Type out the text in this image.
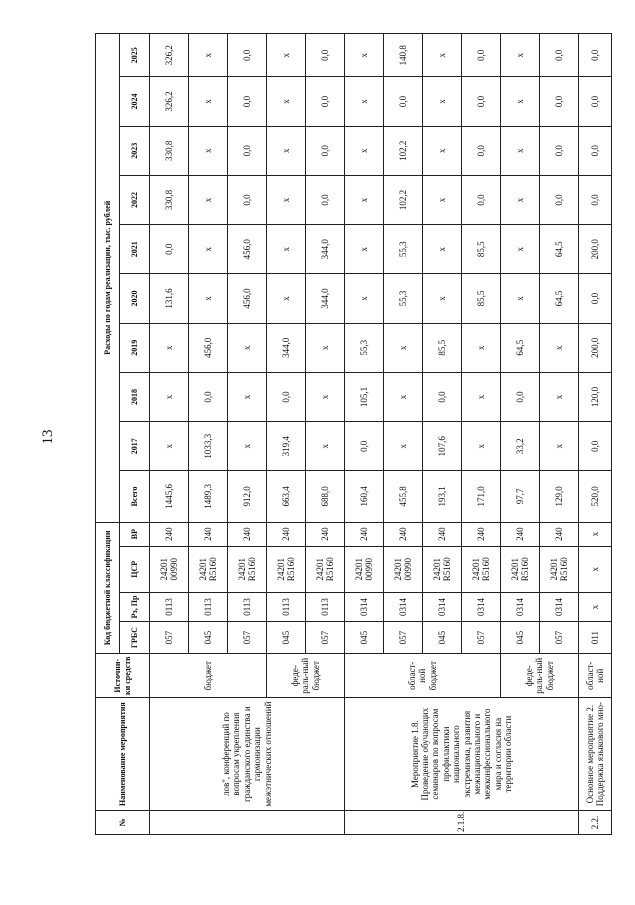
13
№	Наименование мероприятия	Источни-ки средств	Код бюджетной классификации				Расходы по годам реализации, тыс. рублей									
			ГРБС	Рз, Пр	ЦСР	ВР	Всего	2017	2018	2019	2020	2021	2022	2023	2024	2025
	лов", конференций по вопросам укрепления гражданского единства и гармонизации межэтнических отношений	бюджет	057	0113	24201 00990	240	1445,6	х	х	х	131,6	0,0	330,8	330,8	326,2	326,2
			045	0113	24201 R5160	240	1489,3	1033,3	0,0	456,0	х	х	х	х	х	х
			057	0113	24201 R5160	240	912,0	х	х	х	456,0	456,0	0,0	0,0	0,0	0,0
		феде-раль-ный бюджет	045	0113	24201 R5160	240	663,4	319,4	0,0	344,0	х	х	х	х	х	х
			057	0113	24201 R5160	240	688,0	х	х	х	344,0	344,0	0,0	0,0	0,0	0,0
2.1.8.	Мероприятие 1.8. Проведение обучающих семинаров по вопросам профилактики национального экстремизма, развития межнационального и межконфессионального мира и согласия на территории области	област-ной бюджет	045	0314	24201 00990	240	160,4	0,0	105,1	55,3	х	х	х	х	х	х
			057	0314	24201 00990	240	455,8	х	х	х	55,3	55,3	102,2	102,2	0,0	140,8
			045	0314	24201 R5160	240	193,1	107,6	0,0	85,5	х	х	х	х	х	х
			057	0314	24201 R5160	240	171,0	х	х	х	85,5	85,5	0,0	0,0	0,0	0,0
		феде-раль-ный бюджет	045	0314	24201 R5160	240	97,7	33,2	0,0	64,5	х	х	х	х	х	х
			057	0314	24201 R5160	240	129,0	х	х	х	64,5	64,5	0,0	0,0	0,0	0,0
2.2.	Основное мероприятие 2. Поддержка языкового мно-	област-ной	011	х	х	х	520,0	0,0	120,0	200,0	0,0	200,0	0,0	0,0	0,0	0,0
